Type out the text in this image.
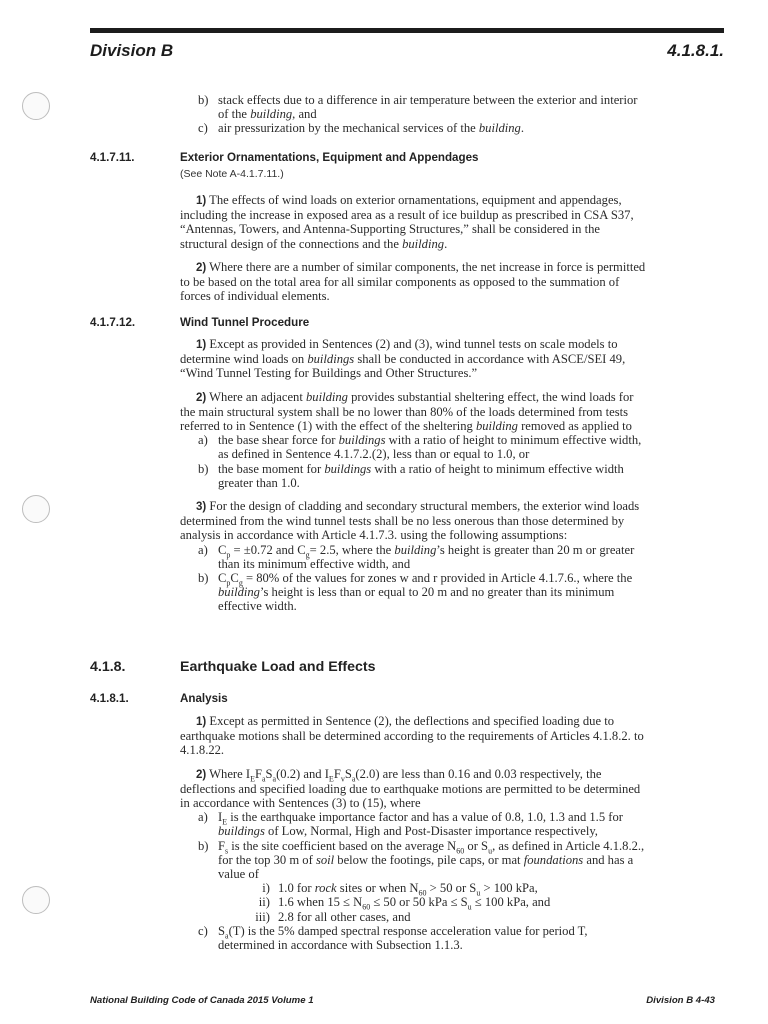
Division B	4.1.8.1.

b) stack effects due to a difference in air temperature between the exterior and interior of the building, and

c) air pressurization by the mechanical services of the building.

4.1.7.11.	Exterior Ornamentations, Equipment and Appendages
(See Note A-4.1.7.11.)

1) The effects of wind loads on exterior ornamentations, equipment and appendages, including the increase in exposed area as a result of ice buildup as prescribed in CSA S37, “Antennas, Towers, and Antenna-Supporting Structures,” shall be considered in the structural design of the connections and the building.

2) Where there are a number of similar components, the net increase in force is permitted to be based on the total area for all similar components as opposed to the summation of forces of individual elements.

4.1.7.12.	Wind Tunnel Procedure

1) Except as provided in Sentences (2) and (3), wind tunnel tests on scale models to determine wind loads on buildings shall be conducted in accordance with ASCE/SEI 49, “Wind Tunnel Testing for Buildings and Other Structures.”

2) Where an adjacent building provides substantial sheltering effect, the wind loads for the main structural system shall be no lower than 80% of the loads determined from tests referred to in Sentence (1) with the effect of the sheltering building removed as applied to

a) the base shear force for buildings with a ratio of height to minimum effective width, as defined in Sentence 4.1.7.2.(2), less than or equal to 1.0, or

b) the base moment for buildings with a ratio of height to minimum effective width greater than 1.0.

3) For the design of cladding and secondary structural members, the exterior wind loads determined from the wind tunnel tests shall be no less onerous than those determined by analysis in accordance with Article 4.1.7.3. using the following assumptions:

a) $C_p = \pm 0.72$ and $C_g= 2.5$, where the building’s height is greater than 20 m or greater than its minimum effective width, and

b) $C_pC_g = 80\%$ of the values for zones w and r provided in Article 4.1.7.6., where the building’s height is less than or equal to 20 m and no greater than its minimum effective width.

4.1.8.	Earthquake Load and Effects
4.1.8.1.	Analysis

1) Except as permitted in Sentence (2), the deflections and specified loading due to earthquake motions shall be determined according to the requirements of Articles 4.1.8.2. to 4.1.8.22.

2) Where $I_EF_aS_a(0.2)$ and $I_EF_vS_a(2.0)$ are less than 0.16 and 0.03 respectively, the deflections and specified loading due to earthquake motions are permitted to be determined in accordance with Sentences (3) to (15), where

a) $I_E$ is the earthquake importance factor and has a value of 0.8, 1.0, 1.3 and 1.5 for buildings of Low, Normal, High and Post-Disaster importance respectively,

b) $F_s$ is the site coefficient based on the average $N_{60}$ or $S_u$, as defined in Article 4.1.8.2., for the top 30 m of soil below the footings, pile caps, or mat foundations and has a value of

i) 1.0 for rock sites or when $N_{60} > 50$ or $S_u > 100$ kPa,

ii) 1.6 when $15 \le N_{60} \le 50$ or 50 kPa ≤ $S_u \le 100$ kPa, and

iii) 2.8 for all other cases, and

c) $S_a(T)$ is the 5% damped spectral response acceleration value for period T, determined in accordance with Subsection 1.1.3.

National Building Code of Canada 2015 Volume 1	Division B 4-43
